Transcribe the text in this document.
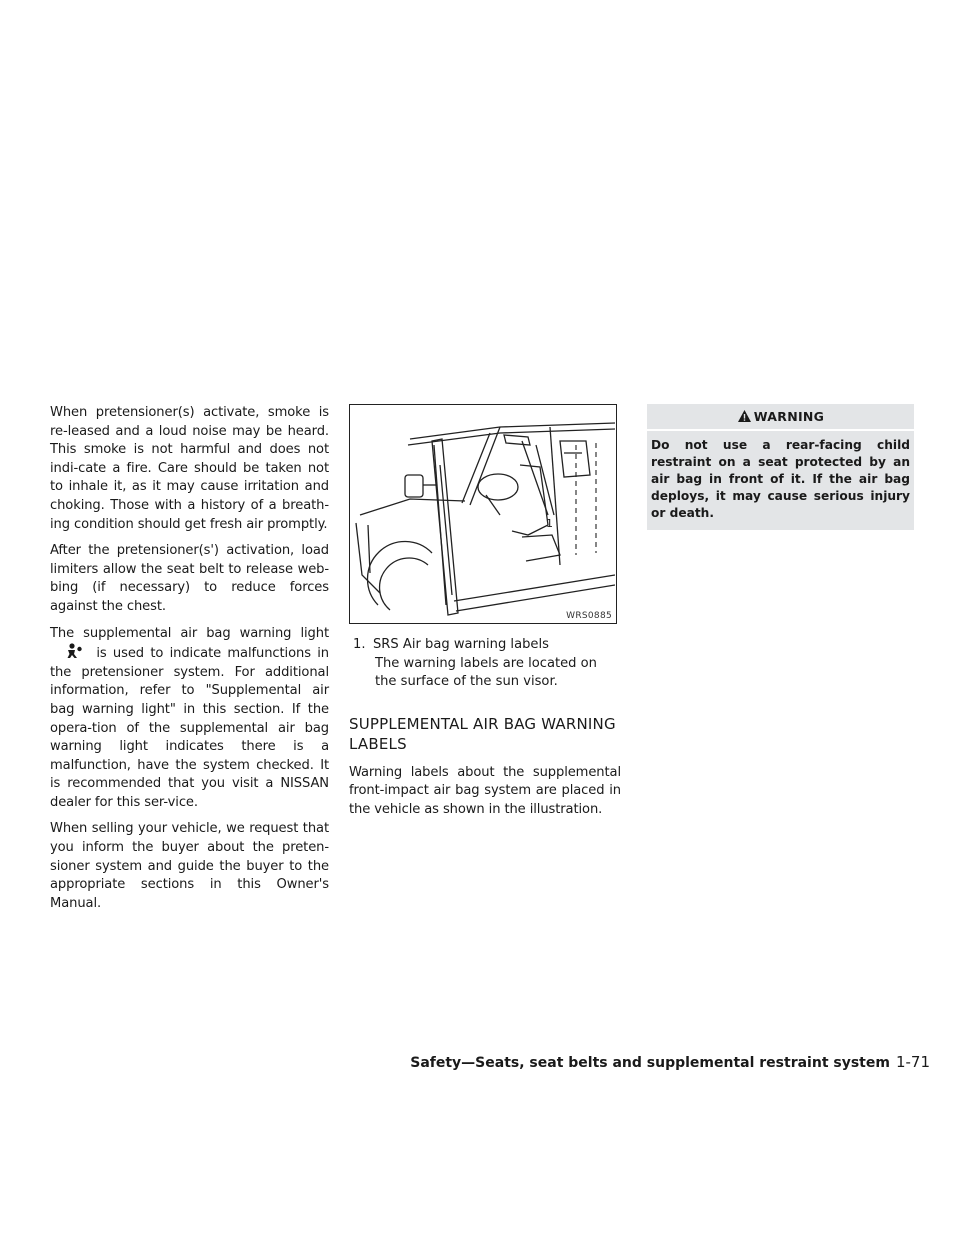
When pretensioner(s) activate, smoke is re-leased and a loud noise may be heard. This smoke is not harmful and does not indi-cate a fire. Care should be taken not to inhale it, as it may cause irritation and choking. Those with a history of a breath-ing condition should get fresh air promptly.

After the pretensioner(s') activation, load limiters allow the seat belt to release web-bing (if necessary) to reduce forces against the chest.

The supplemental air bag warning light is used to indicate malfunctions in the pretensioner system. For additional information, refer to "Supplemental air bag warning light" in this section. If the opera-tion of the supplemental air bag warning light indicates there is a malfunction, have the system checked. It is recommended that you visit a NISSAN dealer for this ser-vice.

When selling your vehicle, we request that you inform the buyer about the preten-sioner system and guide the buyer to the appropriate sections in this Owner's Manual.

1
WRS0885
1. SRS Air bag warning labels

The warning labels are located on the surface of the sun visor.

SUPPLEMENTAL AIR BAG WARNING LABELS

Warning labels about the supplemental front-impact air bag system are placed in the vehicle as shown in the illustration.

WARNING
Do not use a rear-facing child restraint on a seat protected by an air bag in front of it. If the air bag deploys, it may cause serious injury or death.
Safety—Seats, seat belts and supplemental restraint system 1-71
